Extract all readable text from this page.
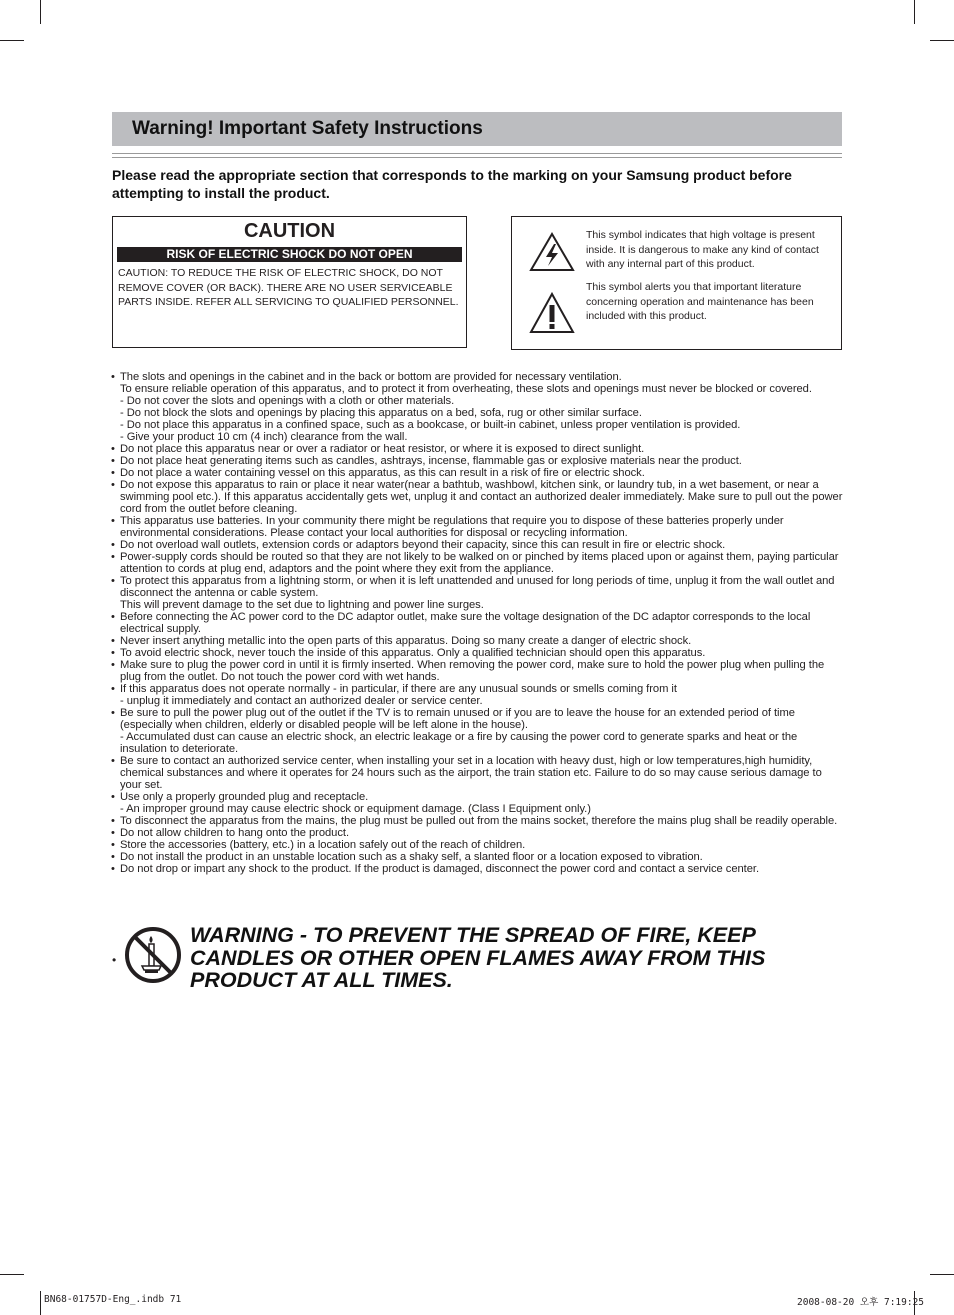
Warning! Important Safety Instructions
Please read the appropriate section that corresponds to the marking on your Samsung product before attempting to install the product.
CAUTION
RISK OF ELECTRIC SHOCK DO NOT OPEN
CAUTION: TO REDUCE THE RISK OF ELECTRIC SHOCK, DO NOT REMOVE COVER (OR BACK). THERE ARE NO USER SERVICEABLE PARTS INSIDE. REFER ALL SERVICING TO QUALIFIED PERSONNEL.
This symbol indicates that high voltage is present inside. It is dangerous to make any kind of contact with any internal part of this product.
This symbol alerts you that important literature concerning operation and maintenance has been included with this product.
• The slots and openings in the cabinet and in the back or bottom are provided for necessary ventilation.
To ensure reliable operation of this apparatus, and to protect it from overheating, these slots and openings must never be blocked or covered.
- Do not cover the slots and openings with a cloth or other materials.
- Do not block the slots and openings by placing this apparatus on a bed, sofa, rug or other similar surface.
- Do not place this apparatus in a confined space, such as a bookcase, or built-in cabinet, unless proper ventilation is provided.
- Give your product 10 cm (4 inch) clearance from the wall.
• Do not place this apparatus near or over a radiator or heat resistor, or where it is exposed to direct sunlight.
• Do not place heat generating items such as candles, ashtrays, incense, flammable gas or explosive materials near the product.
• Do not place a water containing vessel on this apparatus, as this can result in a risk of fire or electric shock.
• Do not expose this apparatus to rain or place it near water(near a bathtub, washbowl, kitchen sink, or laundry tub, in a wet basement, or near a swimming pool etc.). If this apparatus accidentally gets wet, unplug it and contact an authorized dealer immediately. Make sure to pull out the power cord from the outlet before cleaning.
• This apparatus use batteries. In your community there might be regulations that require you to dispose of these batteries properly under environmental considerations. Please contact your local authorities for disposal or recycling information.
• Do not overload wall outlets, extension cords or adaptors beyond their capacity, since this can result in fire or electric shock.
• Power-supply cords should be routed so that they are not likely to be walked on or pinched by items placed upon or against them, paying particular attention to cords at plug end, adaptors and the point where they exit from the appliance.
• To protect this apparatus from a lightning storm, or when it is left unattended and unused for long periods of time, unplug it from the wall outlet and disconnect the antenna or cable system.
This will prevent damage to the set due to lightning and power line surges.
• Before connecting the AC power cord to the DC adaptor outlet, make sure the voltage designation of the DC adaptor corresponds to the local electrical supply.
• Never insert anything metallic into the open parts of this apparatus. Doing so many create a danger of electric shock.
• To avoid electric shock, never touch the inside of this apparatus. Only a qualified technician should open this apparatus.
• Make sure to plug the power cord in until it is firmly inserted. When removing the power cord, make sure to hold the power plug when pulling the plug from the outlet. Do not touch the power cord with wet hands.
• If this apparatus does not operate normally - in particular, if there are any unusual sounds or smells coming from it
- unplug it immediately and contact an authorized dealer or service center.
• Be sure to pull the power plug out of the outlet if the TV is to remain unused or if you are to leave the house for an extended period of time (especially when children, elderly or disabled people will be left alone in the house).
- Accumulated dust can cause an electric shock, an electric leakage or a fire by causing the power cord to generate sparks and heat or the insulation to deteriorate.
• Be sure to contact an authorized service center, when installing your set in a location with heavy dust, high or low temperatures,high humidity, chemical substances and where it operates for 24 hours such as the airport, the train station etc. Failure to do so may cause serious damage to your set.
• Use only a properly grounded plug and receptacle.
- An improper ground may cause electric shock or equipment damage. (Class I Equipment only.)
• To disconnect the apparatus from the mains, the plug must be pulled out from the mains socket, therefore the mains plug shall be readily operable.
• Do not allow children to hang onto the product.
• Store the accessories (battery, etc.) in a location safely out of the reach of children.
• Do not install the product in an unstable location such as a shaky self, a slanted floor or a location exposed to vibration.
• Do not drop or impart any shock to the product. If the product is damaged, disconnect the power cord and contact a service center.
•
WARNING - TO PREVENT THE SPREAD OF FIRE, KEEP CANDLES OR OTHER OPEN FLAMES AWAY FROM THIS PRODUCT AT ALL TIMES.
BN68-01757D-Eng_.indb 71	2008-08-20 오후 7:19:25
